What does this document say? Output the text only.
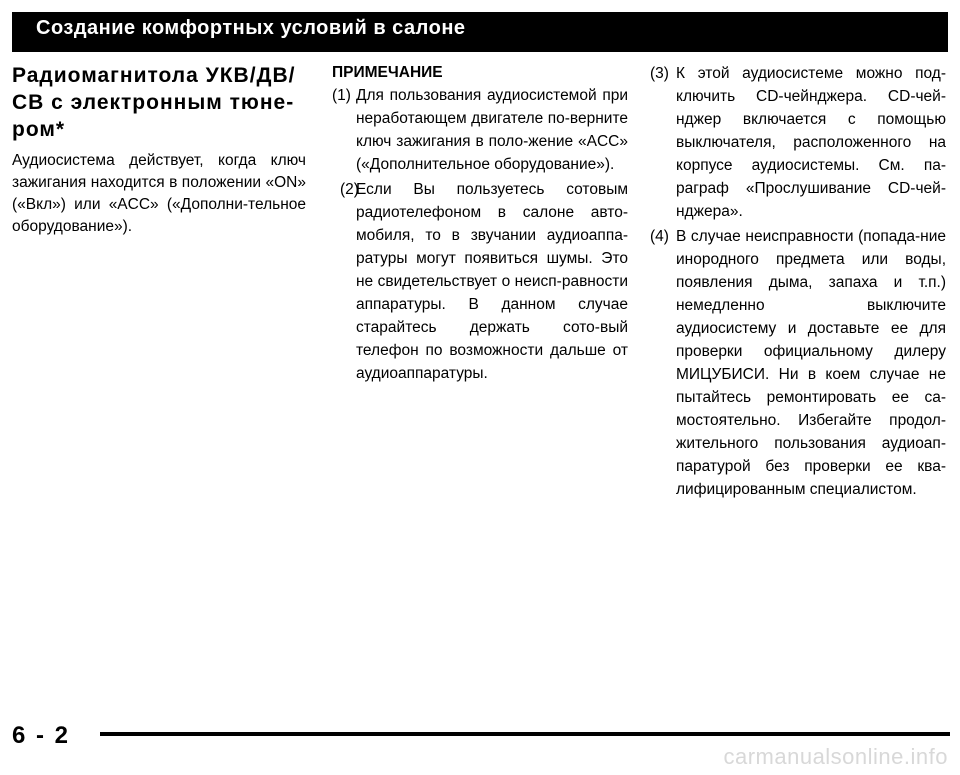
Создание комфортных условий в салоне
Радиомагнитола УКВ/ДВ/СВ с электронным тюне-ром*
Аудиосистема действует, когда ключ зажигания находится в положении «ON» («Вкл») или «ACC» («Дополни-тельное оборудование»).
ПРИМЕЧАНИЕ
(1) Для пользования аудиосистемой при неработающем двигателе по-верните ключ зажигания в поло-жение «ACC» («Дополнительное оборудование»).
(2)
Если Вы пользуетесь сотовым радиотелефоном в салоне авто-мобиля, то в звучании аудиоаппа-ратуры могут появиться шумы. Это не свидетельствует о неисп-равности аппаратуры. В данном случае старайтесь держать сото-вый телефон по возможности дальше от аудиоаппаратуры.
(3) К этой аудиосистеме можно под-ключить CD-чейнджера. CD-чей-нджер включается с помощью выключателя, расположенного на корпусе аудиосистемы. См. па-раграф «Прослушивание CD-чей-нджера».
(4) В случае неисправности (попада-ние инородного предмета или воды, появления дыма, запаха и т.п.) немедленно выключите аудиосистему и доставьте ее для проверки официальному дилеру МИЦУБИСИ. Ни в коем случае не пытайтесь ремонтировать ее са-мостоятельно. Избегайте продол-жительного пользования аудиоап-паратурой без проверки ее ква-лифицированным специалистом.
6 - 2
carmanualsonline.info
